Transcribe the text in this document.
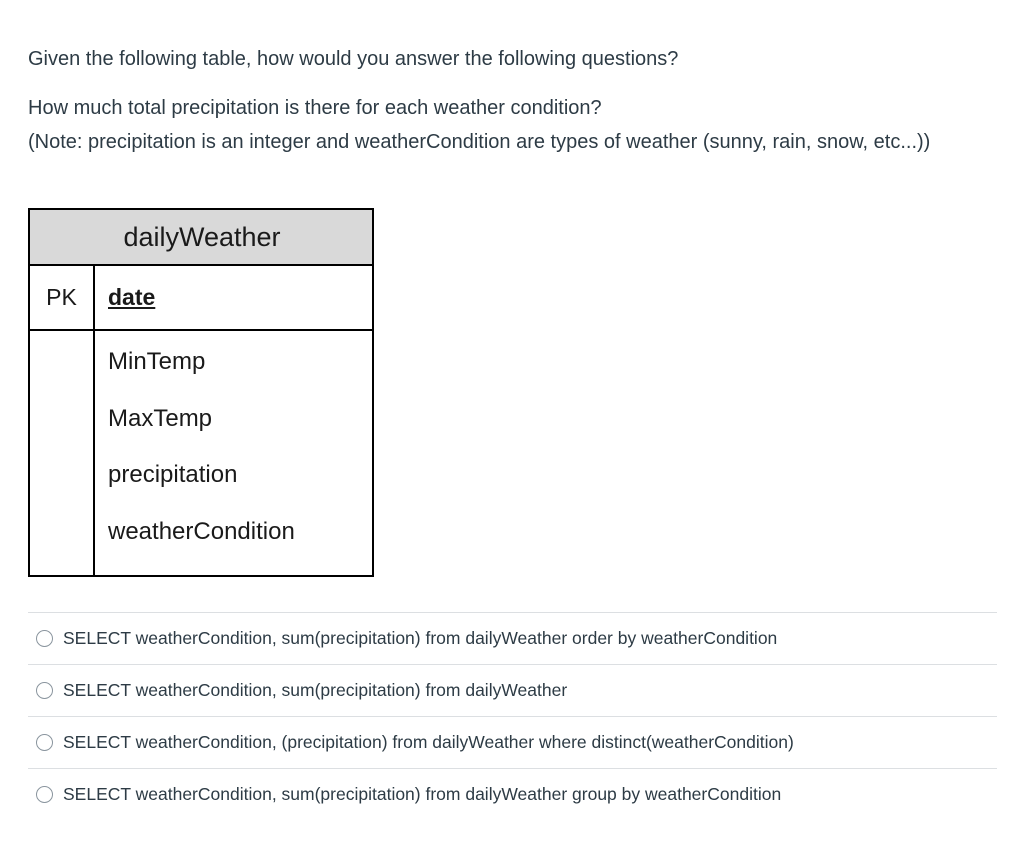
Given the following table, how would you answer the following questions?

How much total precipitation is there for each weather condition?

(Note: precipitation is an integer and weatherCondition are types of weather (sunny, rain, snow, etc...))

dailyWeather
PK	date
MinTemp
MaxTemp
precipitation
weatherCondition
SELECT weatherCondition, sum(precipitation) from dailyWeather order by weatherCondition
SELECT weatherCondition, sum(precipitation) from dailyWeather
SELECT weatherCondition, (precipitation) from dailyWeather where distinct(weatherCondition)
SELECT weatherCondition, sum(precipitation) from dailyWeather group by weatherCondition
